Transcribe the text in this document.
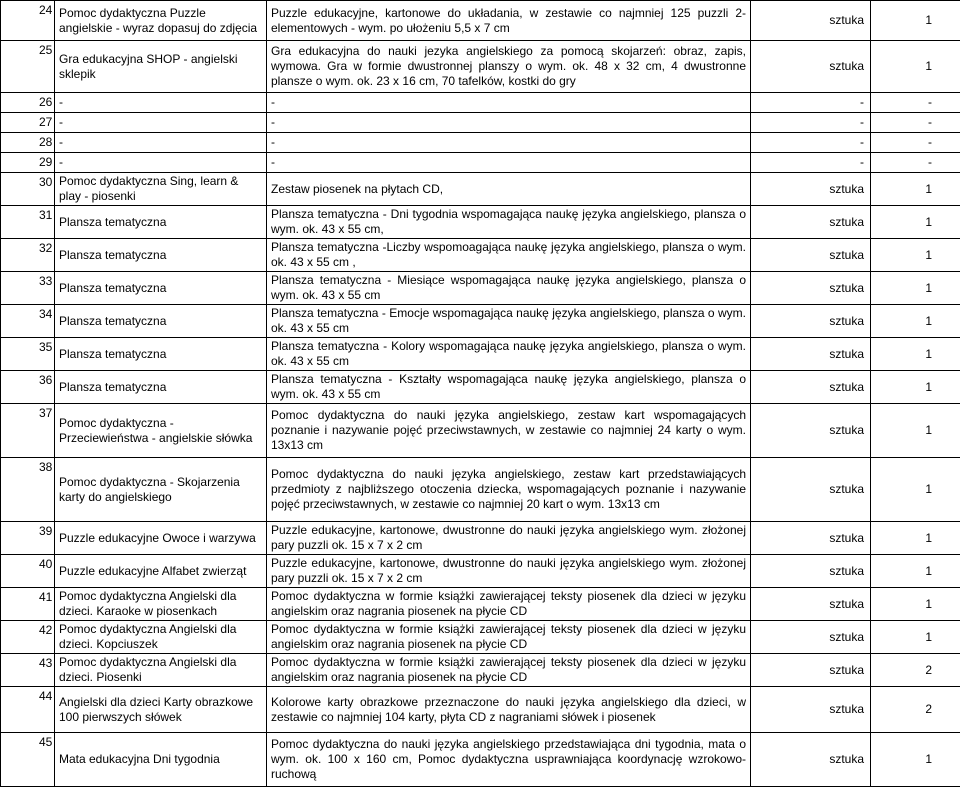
24	Pomoc dydaktyczna Puzzle angielskie - wyraz dopasuj do zdjęcia	Puzzle edukacyjne, kartonowe do układania, w zestawie co najmniej 125 puzzli 2-elementowych - wym. po ułożeniu 5,5 x 7 cm	sztuka	1
25	Gra edukacyjna SHOP - angielski sklepik	Gra edukacyjna do nauki jezyka angielskiego za pomocą skojarzeń: obraz, zapis, wymowa. Gra w formie dwustronnej planszy o wym. ok. 48 x 32 cm, 4 dwustronne plansze o wym. ok. 23 x 16 cm, 70 tafelków, kostki do gry	sztuka	1
26	-	-	-	-
27	-	-	-	-
28	-	-	-	-
29	-	-	-	-
30	Pomoc dydaktyczna Sing, learn & play - piosenki	Zestaw piosenek na płytach CD,	sztuka	1
31	Plansza tematyczna	Plansza tematyczna - Dni tygodnia wspomagająca naukę języka angielskiego, plansza o wym. ok. 43 x 55 cm,	sztuka	1
32	Plansza tematyczna	Plansza tematyczna -Liczby wspomoagająca naukę języka angielskiego, plansza o wym. ok. 43 x 55 cm ,	sztuka	1
33	Plansza tematyczna	Plansza tematyczna - Miesiące wspomagająca naukę języka angielskiego, plansza o wym. ok. 43 x 55 cm	sztuka	1
34	Plansza tematyczna	Plansza tematyczna - Emocje wspomagająca naukę języka angielskiego, plansza o wym. ok. 43 x 55 cm	sztuka	1
35	Plansza tematyczna	Plansza tematyczna - Kolory wspomagająca naukę języka angielskiego, plansza o wym. ok. 43 x 55 cm	sztuka	1
36	Plansza tematyczna	Plansza tematyczna - Kształty wspomagająca naukę języka angielskiego, plansza o wym. ok. 43 x 55 cm	sztuka	1
37	Pomoc dydaktyczna - Przeciewieństwa - angielskie słówka	Pomoc dydaktyczna do nauki języka angielskiego, zestaw kart wspomagających poznanie i nazywanie pojęć przeciwstawnych, w zestawie co najmniej 24 karty o wym. 13x13 cm	sztuka	1
38	Pomoc dydaktyczna - Skojarzenia karty do angielskiego	Pomoc dydaktyczna do nauki języka angielskiego, zestaw kart przedstawiających przedmioty z najbliższego otoczenia dziecka, wspomagających poznanie i nazywanie pojęć przeciwstawnych, w zestawie co najmniej 20 kart o wym. 13x13 cm	sztuka	1
39	Puzzle edukacyjne Owoce i warzywa	Puzzle edukacyjne, kartonowe, dwustronne do nauki języka angielskiego wym. złożonej pary puzzli ok. 15 x 7 x 2 cm	sztuka	1
40	Puzzle edukacyjne Alfabet zwierząt	Puzzle edukacyjne, kartonowe, dwustronne do nauki języka angielskiego wym. złożonej pary puzzli ok. 15 x 7 x 2 cm	sztuka	1
41	Pomoc dydaktyczna Angielski dla dzieci. Karaoke w piosenkach	Pomoc dydaktyczna w formie książki zawierającej teksty piosenek dla dzieci w języku angielskim oraz nagrania piosenek na płycie CD	sztuka	1
42	Pomoc dydaktyczna Angielski dla dzieci. Kopciuszek	Pomoc dydaktyczna w formie książki zawierającej teksty piosenek dla dzieci w języku angielskim oraz nagrania piosenek na płycie CD	sztuka	1
43	Pomoc dydaktyczna Angielski dla dzieci. Piosenki	Pomoc dydaktyczna w formie książki zawierającej teksty piosenek dla dzieci w języku angielskim oraz nagrania piosenek na płycie CD	sztuka	2
44	Angielski dla dzieci Karty obrazkowe 100 pierwszych słówek	Kolorowe karty obrazkowe przeznaczone do nauki języka angielskiego dla dzieci, w zestawie co najmniej 104 karty, płyta CD z nagraniami słówek i piosenek	sztuka	2
45	Mata edukacyjna Dni tygodnia	Pomoc dydaktyczna do nauki języka angielskiego przedstawiająca dni tygodnia, mata o wym. ok. 100 x 160 cm, Pomoc dydaktyczna usprawniająca koordynację wzrokowo-ruchową	sztuka	1
